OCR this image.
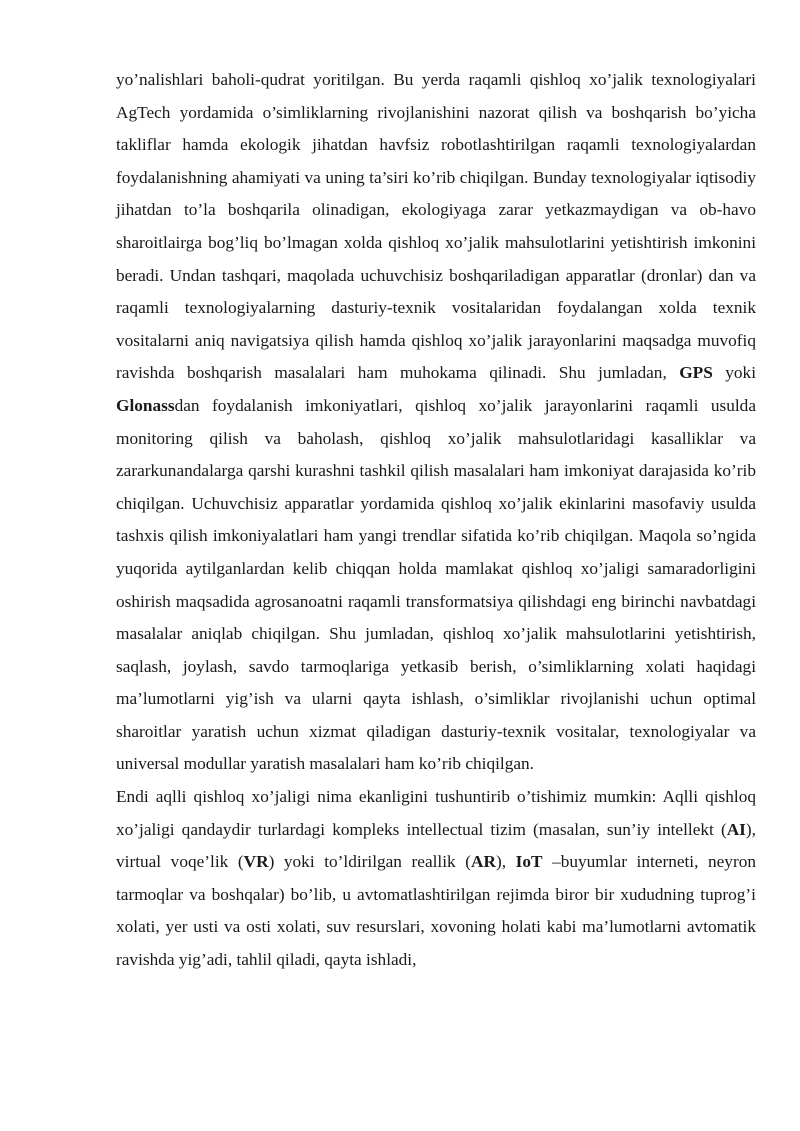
yo’nalishlari baholi-qudrat yoritilgan. Bu yerda raqamli qishloq xo’jalik texnologiyalari AgTech yordamida o’simliklarning rivojlanishini nazorat qilish va boshqarish bo’yicha takliflar hamda ekologik jihatdan havfsiz robotlashtirilgan raqamli texnologiyalardan foydalanishning ahamiyati va uning ta’siri ko’rib chiqilgan. Bunday texnologiyalar iqtisodiy jihatdan to’la boshqarila olinadigan, ekologiyaga zarar yetkazmaydigan va ob-havo sharoitlairga bog’liq bo’lmagan xolda qishloq xo’jalik mahsulotlarini yetishtirish imkonini beradi. Undan tashqari, maqolada uchuvchisiz boshqariladigan apparatlar (dronlar) dan va raqamli texnologiyalarning dasturiy-texnik vositalaridan foydalangan xolda texnik vositalarni aniq navigatsiya qilish hamda qishloq xo’jalik jarayonlarini maqsadga muvofiq ravishda boshqarish masalalari ham muhokama qilinadi. Shu jumladan, GPS yoki Glonassdan foydalanish imkoniyatlari, qishloq xo’jalik jarayonlarini raqamli usulda monitoring qilish va baholash, qishloq xo’jalik mahsulotlaridagi kasalliklar va zararkunandalarga qarshi kurashni tashkil qilish masalalari ham imkoniyat darajasida ko’rib chiqilgan. Uchuvchisiz apparatlar yordamida qishloq xo’jalik ekinlarini masofaviy usulda tashxis qilish imkoniyalatlari ham yangi trendlar sifatida ko’rib chiqilgan. Maqola so’ngida yuqorida aytilganlardan kelib chiqqan holda mamlakat qishloq xo’jaligi samaradorligini oshirish maqsadida agrosanoatni raqamli transformatsiya qilishdagi eng birinchi navbatdagi masalalar aniqlab chiqilgan. Shu jumladan, qishloq xo’jalik mahsulotlarini yetishtirish, saqlash, joylash, savdo tarmoqlariga yetkasib berish, o’simliklarning xolati haqidagi ma’lumotlarni yig’ish va ularni qayta ishlash, o’simliklar rivojlanishi uchun optimal sharoitlar yaratish uchun xizmat qiladigan dasturiy-texnik vositalar, texnologiyalar va universal modullar yaratish masalalari ham ko’rib chiqilgan.

Endi aqlli qishloq xo’jaligi nima ekanligini tushuntirib o’tishimiz mumkin: Aqlli qishloq xo’jaligi qandaydir turlardagi kompleks intellectual tizim (masalan, sun’iy intellekt (AI), virtual voqe’lik (VR) yoki to’ldirilgan reallik (AR), IoT –buyumlar interneti, neyron tarmoqlar va boshqalar) bo’lib, u avtomatlashtirilgan rejimda biror bir xududning tuprog’i xolati, yer usti va osti xolati, suv resurslari, xovoning holati kabi ma’lumotlarni avtomatik ravishda yig’adi, tahlil qiladi, qayta ishladi,
